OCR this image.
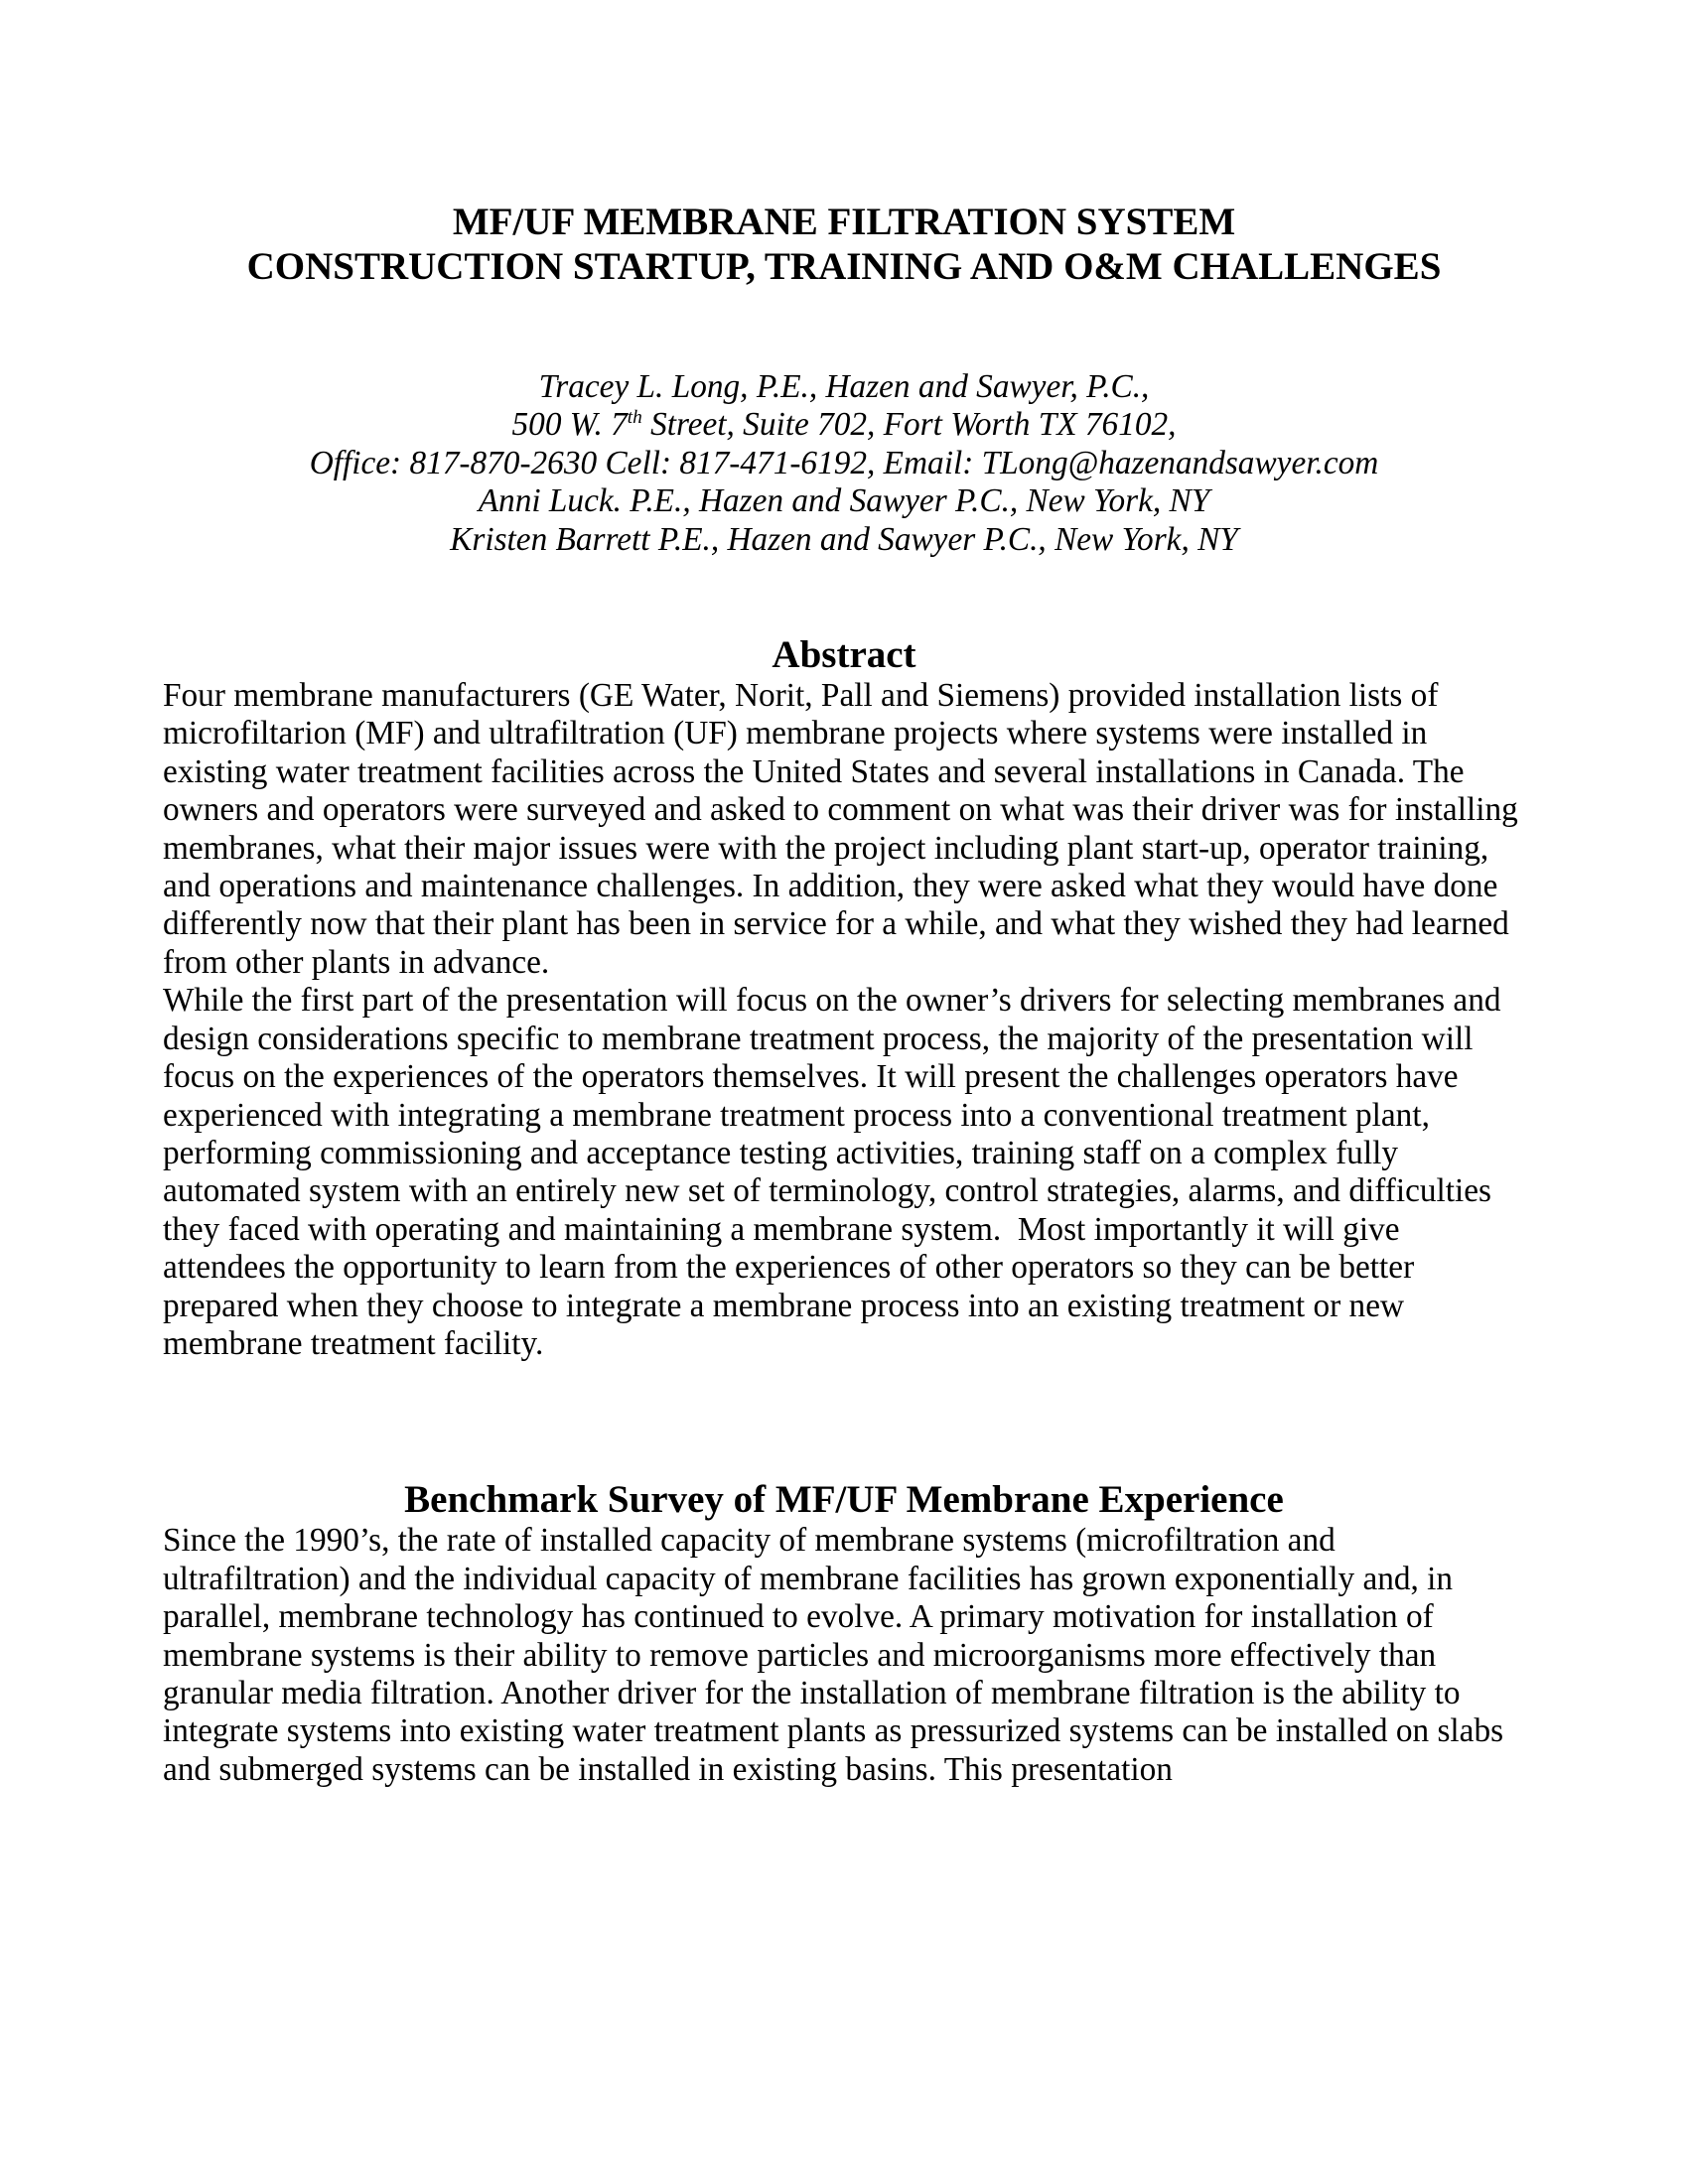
MF/UF MEMBRANE FILTRATION SYSTEM
CONSTRUCTION STARTUP, TRAINING AND O&M CHALLENGES
Tracey L. Long, P.E., Hazen and Sawyer, P.C.,
500 W. 7th Street, Suite 702, Fort Worth TX 76102,
Office: 817-870-2630 Cell: 817-471-6192, Email: TLong@hazenandsawyer.com
Anni Luck. P.E., Hazen and Sawyer P.C., New York, NY
Kristen Barrett P.E., Hazen and Sawyer P.C., New York, NY
Abstract

Four membrane manufacturers (GE Water, Norit, Pall and Siemens) provided installation lists of microfiltarion (MF) and ultrafiltration (UF) membrane projects where systems were installed in existing water treatment facilities across the United States and several installations in Canada. The owners and operators were surveyed and asked to comment on what was their driver was for installing membranes, what their major issues were with the project including plant start-up, operator training, and operations and maintenance challenges. In addition, they were asked what they would have done differently now that their plant has been in service for a while, and what they wished they had learned from other plants in advance.

While the first part of the presentation will focus on the owner’s drivers for selecting membranes and design considerations specific to membrane treatment process, the majority of the presentation will focus on the experiences of the operators themselves. It will present the challenges operators have experienced with integrating a membrane treatment process into a conventional treatment plant, performing commissioning and acceptance testing activities, training staff on a complex fully automated system with an entirely new set of terminology, control strategies, alarms, and difficulties they faced with operating and maintaining a membrane system.  Most importantly it will give attendees the opportunity to learn from the experiences of other operators so they can be better prepared when they choose to integrate a membrane process into an existing treatment or new membrane treatment facility.

Benchmark Survey of MF/UF Membrane Experience

Since the 1990’s, the rate of installed capacity of membrane systems (microfiltration and ultrafiltration) and the individual capacity of membrane facilities has grown exponentially and, in parallel, membrane technology has continued to evolve. A primary motivation for installation of membrane systems is their ability to remove particles and microorganisms more effectively than granular media filtration. Another driver for the installation of membrane filtration is the ability to integrate systems into existing water treatment plants as pressurized systems can be installed on slabs and submerged systems can be installed in existing basins. This presentation
